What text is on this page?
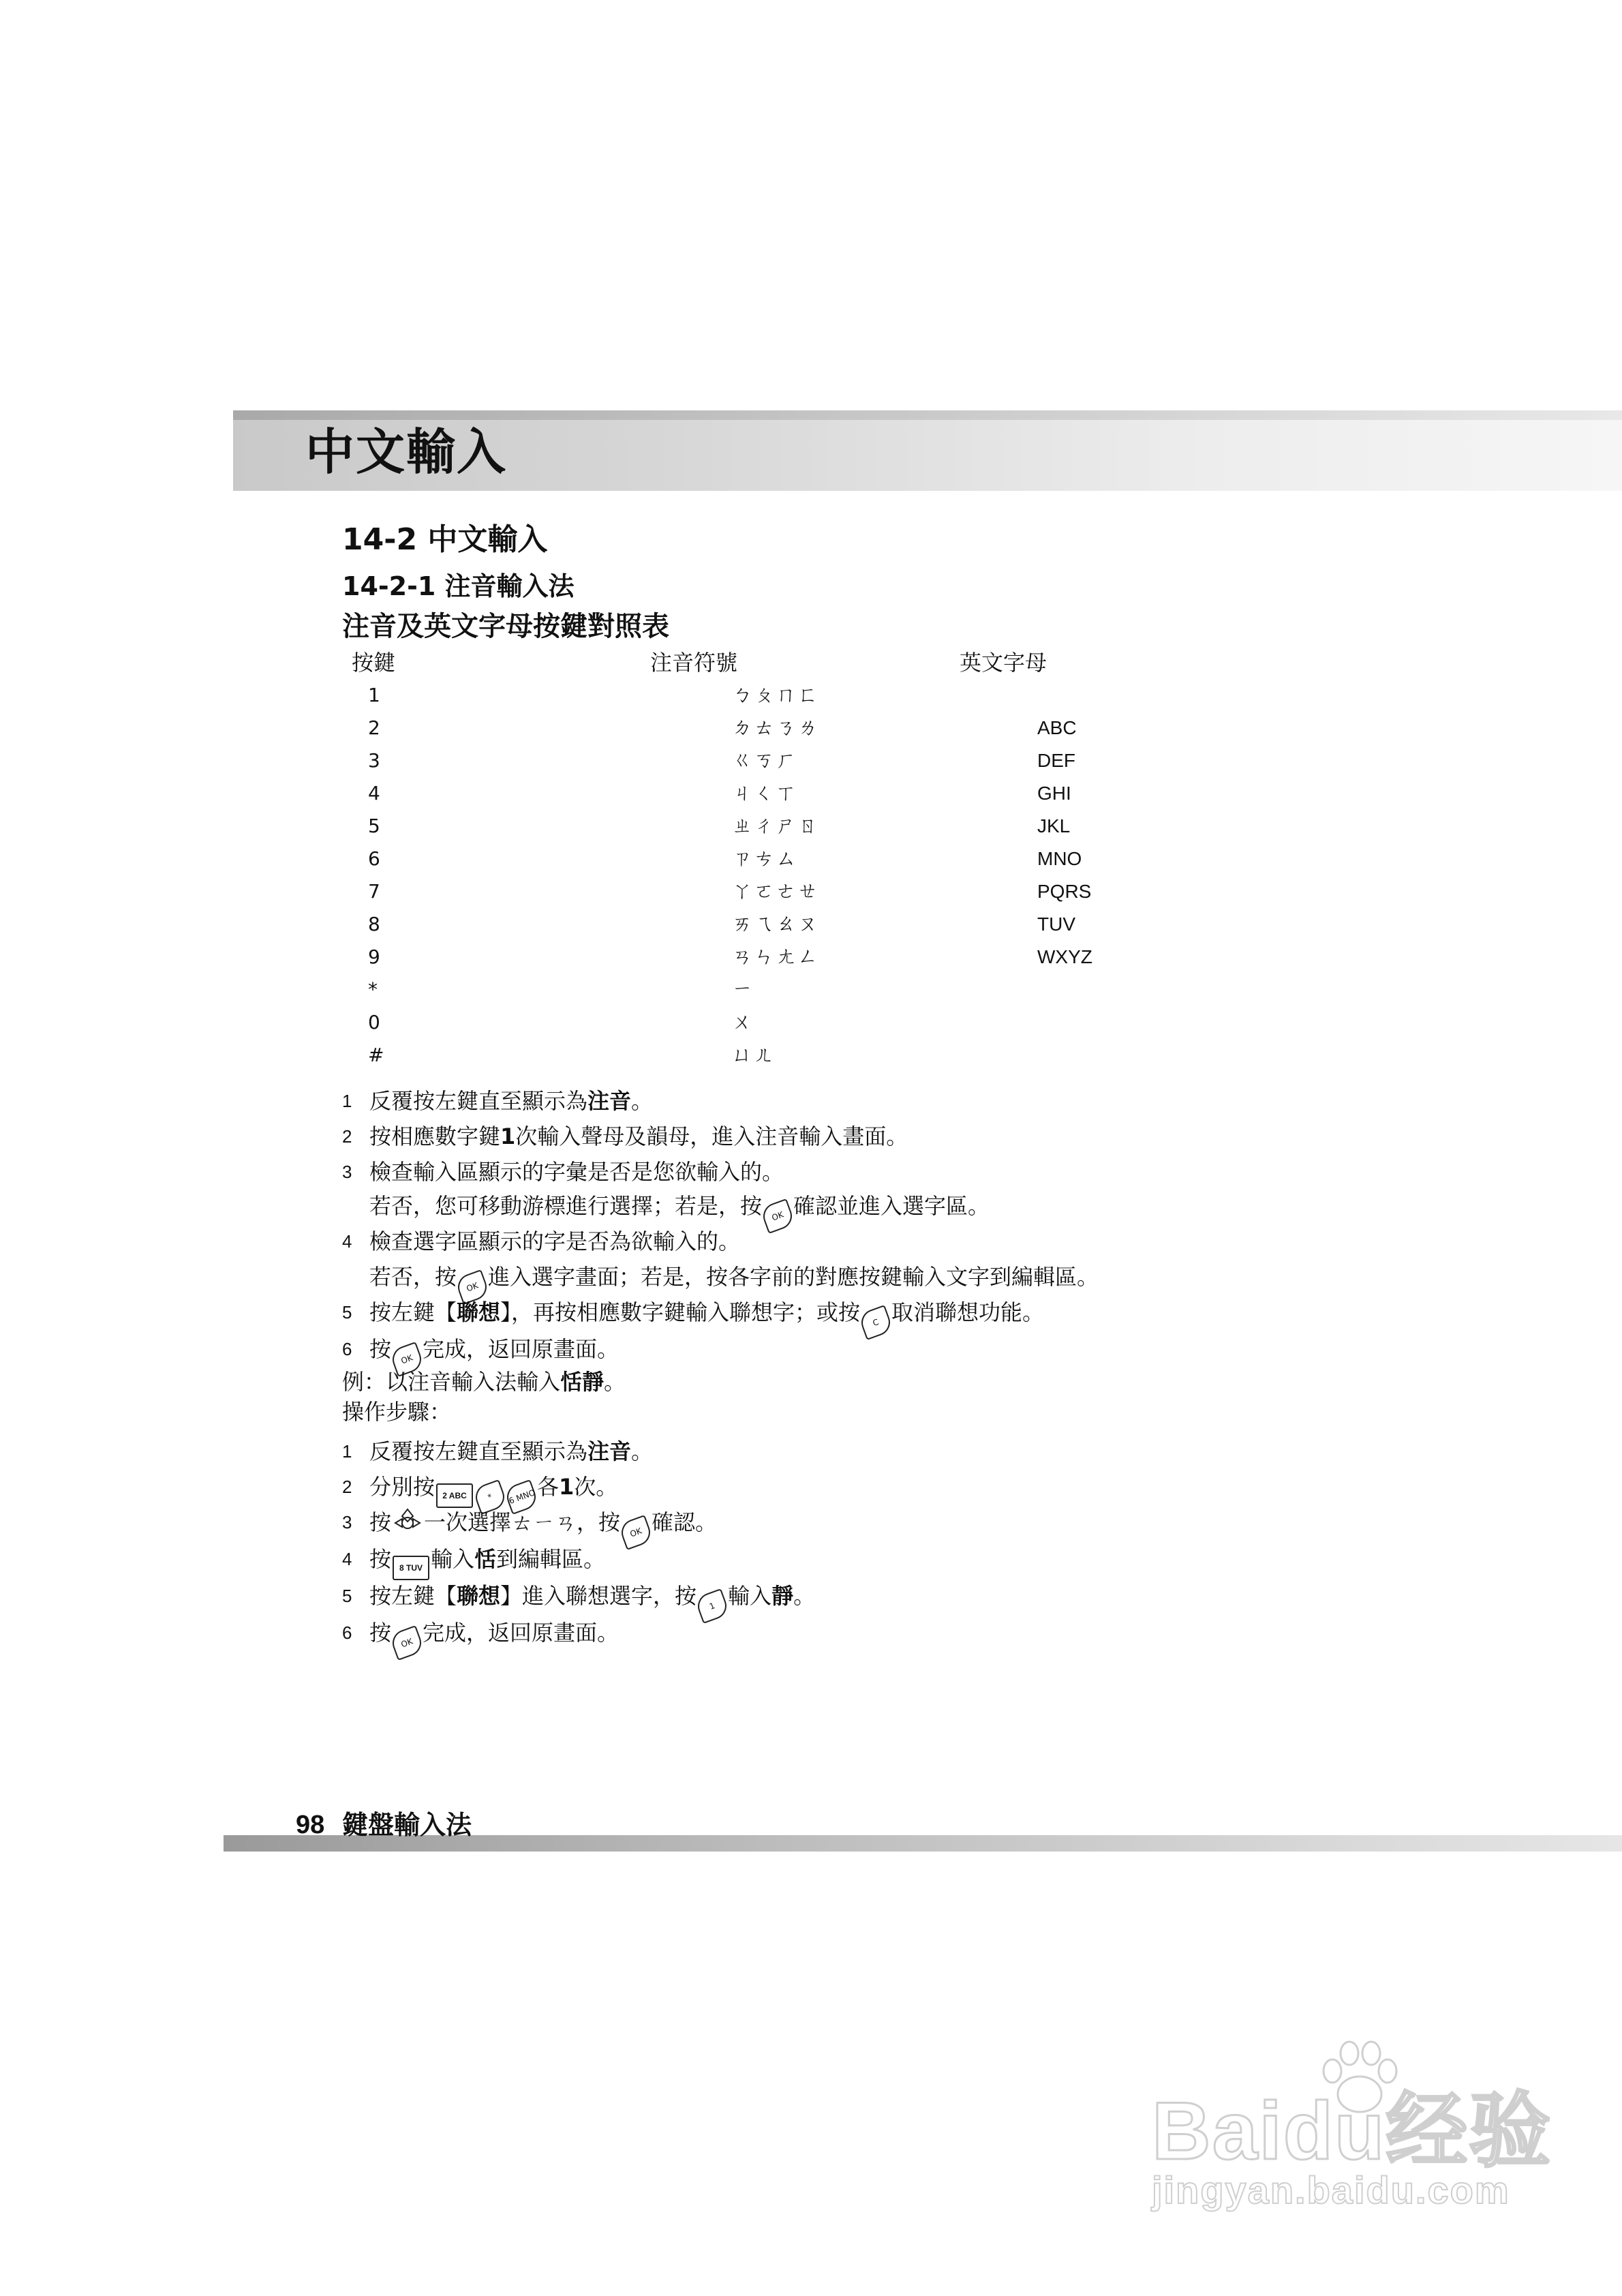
中文輸入
14-2 中文輸入
14-2-1 注音輸入法
注音及英文字母按鍵對照表
按鍵	注音符號	英文字母
1	ㄅㄆㄇㄈ
2	ㄉㄊㄋㄌ	ABC
3	ㄍㄎㄏ	DEF
4	ㄐㄑㄒ	GHI
5	ㄓㄔㄕㄖ	JKL
6	ㄗㄘㄙ	MNO
7	ㄚㄛㄜㄝ	PQRS
8	ㄞㄟㄠㄡ	TUV
9	ㄢㄣㄤㄥ	WXYZ
*	ㄧ
0	ㄨ
#	ㄩㄦ
1 反覆按左鍵直至顯示為注音。
2 按相應數字鍵1次輸入聲母及韻母，進入注音輸入畫面。
3 檢查輸入區顯示的字彙是否是您欲輸入的。
若否，您可移動游標進行選擇；若是，按 OK 確認並進入選字區。
4 檢查選字區顯示的字是否為欲輸入的。
若否，按 OK 進入選字畫面；若是，按各字前的對應按鍵輸入文字到編輯區。
5 按左鍵【聯想】，再按相應數字鍵輸入聯想字；或按 C 取消聯想功能。
6 按 OK 完成，返回原畫面。
例：以注音輸入法輸入恬靜。
操作步驟：
1 反覆按左鍵直至顯示為注音。
2 分別按 2 ABC * 6 MNO各1次。
3 按 一次選擇ㄊㄧㄢ，按 OK 確認。
4 按 8 TUV 輸入恬到編輯區。
5 按左鍵【聯想】進入聯想選字，按 1 輸入靜。
6 按 OK 完成，返回原畫面。
98 鍵盤輸入法
Baidu经验
jingyan.baidu.com
